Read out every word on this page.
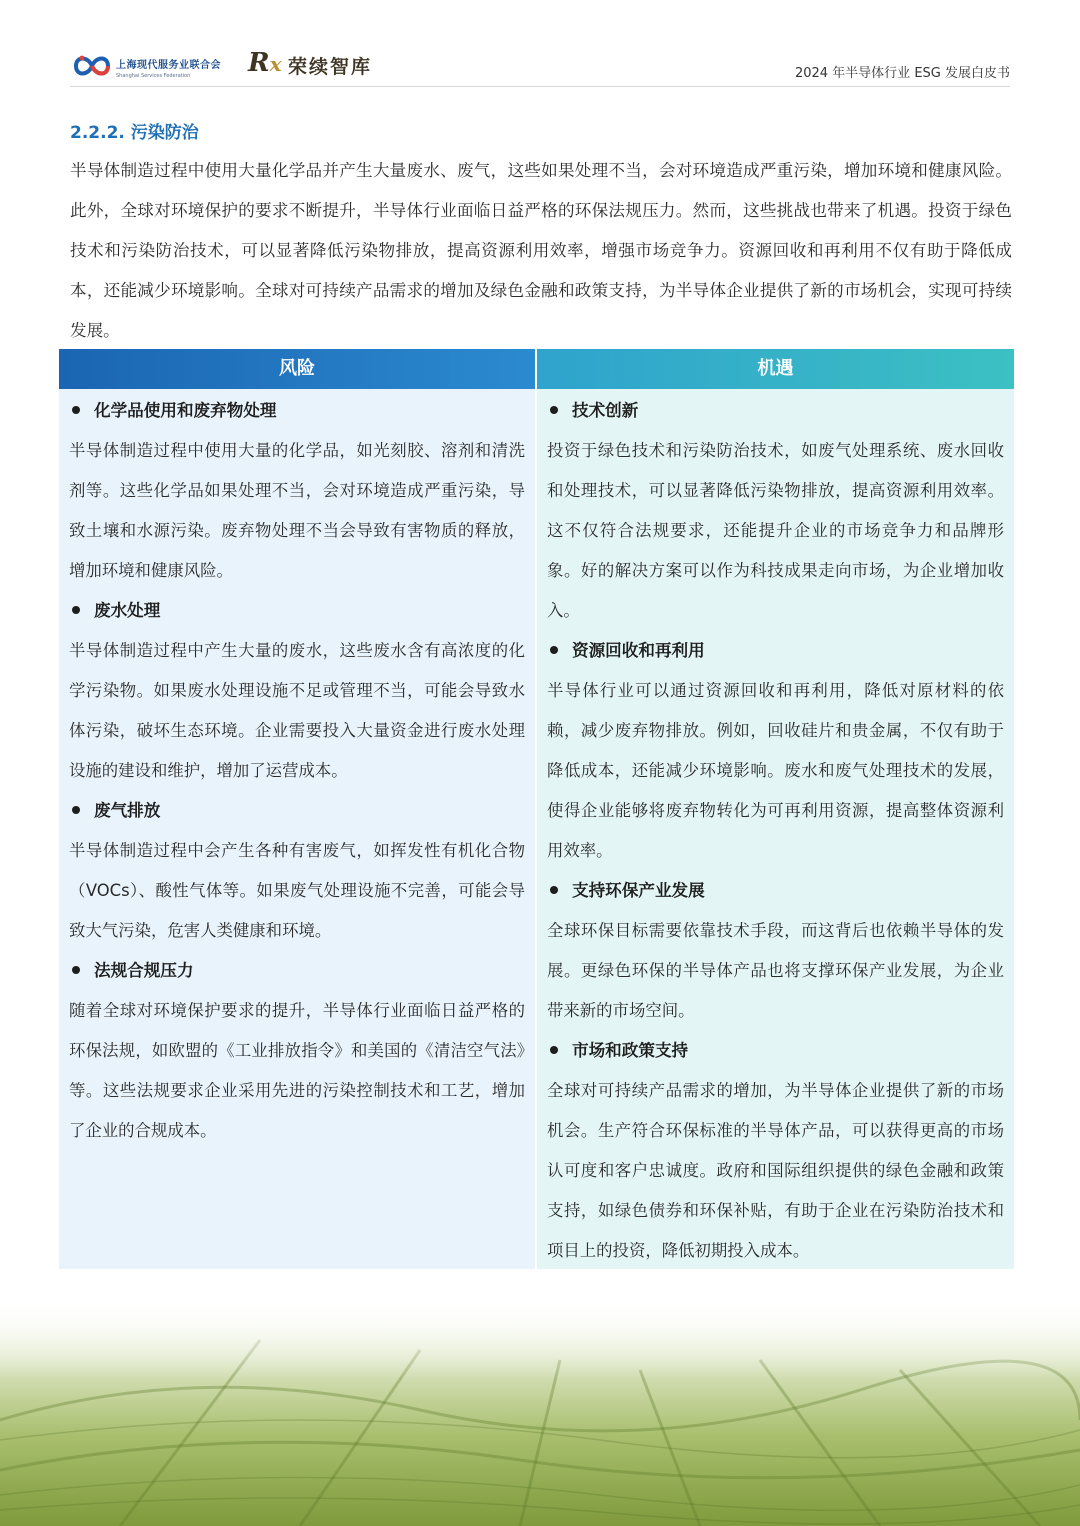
上海现代服务业联合会
Shanghai Services Federation	Rx 荣续智库	2024 年半导体行业 ESG 发展白皮书
2.2.2. 污染防治
半导体制造过程中使用大量化学品并产生大量废水、废气，这些如果处理不当，会对环境造成严重污染，增加环境和健康风险。此外，全球对环境保护的要求不断提升，半导体行业面临日益严格的环保法规压力。然而，这些挑战也带来了机遇。投资于绿色技术和污染防治技术，可以显著降低污染物排放，提高资源利用效率，增强市场竞争力。资源回收和再利用不仅有助于降低成本，还能减少环境影响。全球对可持续产品需求的增加及绿色金融和政策支持，为半导体企业提供了新的市场机会，实现可持续发展。
风险
化学品使用和废弃物处理
半导体制造过程中使用大量的化学品，如光刻胶、溶剂和清洗剂等。这些化学品如果处理不当，会对环境造成严重污染，导致土壤和水源污染。废弃物处理不当会导致有害物质的释放，增加环境和健康风险。
废水处理
半导体制造过程中产生大量的废水，这些废水含有高浓度的化学污染物。如果废水处理设施不足或管理不当，可能会导致水体污染，破坏生态环境。企业需要投入大量资金进行废水处理设施的建设和维护，增加了运营成本。
废气排放
半导体制造过程中会产生各种有害废气，如挥发性有机化合物（VOCs）、酸性气体等。如果废气处理设施不完善，可能会导致大气污染，危害人类健康和环境。
法规合规压力
随着全球对环境保护要求的提升，半导体行业面临日益严格的环保法规，如欧盟的《工业排放指令》和美国的《清洁空气法》等。这些法规要求企业采用先进的污染控制技术和工艺，增加了企业的合规成本。
机遇
技术创新
投资于绿色技术和污染防治技术，如废气处理系统、废水回收和处理技术，可以显著降低污染物排放，提高资源利用效率。这不仅符合法规要求，还能提升企业的市场竞争力和品牌形象。好的解决方案可以作为科技成果走向市场，为企业增加收入。
资源回收和再利用
半导体行业可以通过资源回收和再利用，降低对原材料的依赖，减少废弃物排放。例如，回收硅片和贵金属，不仅有助于降低成本，还能减少环境影响。废水和废气处理技术的发展，使得企业能够将废弃物转化为可再利用资源，提高整体资源利用效率。
支持环保产业发展
全球环保目标需要依靠技术手段，而这背后也依赖半导体的发展。更绿色环保的半导体产品也将支撑环保产业发展，为企业带来新的市场空间。
市场和政策支持
全球对可持续产品需求的增加，为半导体企业提供了新的市场机会。生产符合环保标准的半导体产品，可以获得更高的市场认可度和客户忠诚度。政府和国际组织提供的绿色金融和政策支持，如绿色债券和环保补贴，有助于企业在污染防治技术和项目上的投资，降低初期投入成本。
